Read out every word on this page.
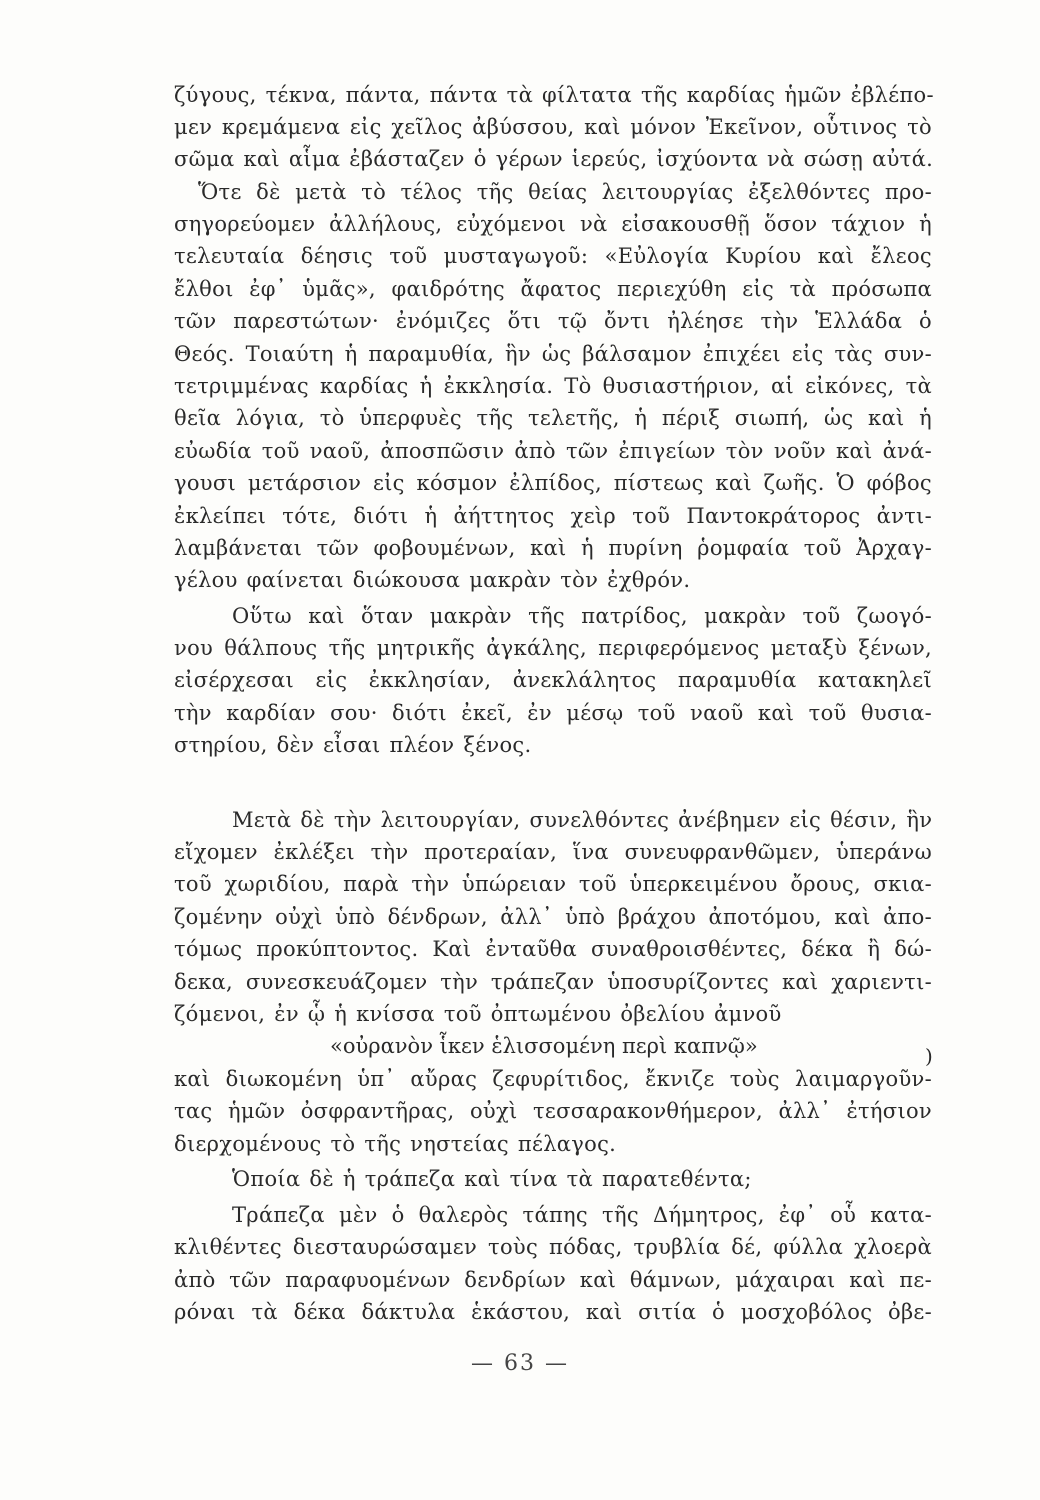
ζύγους, τέκνα, πάντα, πάντα τὰ φίλτατα τῆς καρδίας ἡμῶν ἐβλέπο-
μεν κρεμάμενα εἰς χεῖλος ἀβύσσου, καὶ μόνον Ἐκεῖνον, οὗτινος τὸ
σῶμα καὶ αἷμα ἐβάσταζεν ὁ γέρων ἱερεύς, ἰσχύοντα νὰ σώσῃ αὐτά.
Ὅτε δὲ μετὰ τὸ τέλος τῆς θείας λειτουργίας ἐξελθόντες προ-
σηγορεύομεν ἀλλήλους, εὐχόμενοι νὰ εἰσακουσθῇ ὅσον τάχιον ἡ
τελευταία δέησις τοῦ μυσταγωγοῦ: «Εὐλογία Κυρίου καὶ ἔλεος
ἔλθοι ἐφ᾽ ὑμᾶς», φαιδρότης ἄφατος περιεχύθη εἰς τὰ πρόσωπα
τῶν παρεστώτων· ἐνόμιζες ὅτι τῷ ὄντι ἠλέησε τὴν Ἑλλάδα ὁ
Θεός. Τοιαύτη ἡ παραμυθία, ἣν ὡς βάλσαμον ἐπιχέει εἰς τὰς συν-
τετριμμένας καρδίας ἡ ἐκκλησία. Τὸ θυσιαστήριον, αἱ εἰκόνες, τὰ
θεῖα λόγια, τὸ ὑπερφυὲς τῆς τελετῆς, ἡ πέριξ σιωπή, ὡς καὶ ἡ
εὐωδία τοῦ ναοῦ, ἀποσπῶσιν ἀπὸ τῶν ἐπιγείων τὸν νοῦν καὶ ἀνά-
γουσι μετάρσιον εἰς κόσμον ἐλπίδος, πίστεως καὶ ζωῆς. Ὁ φόβος
ἐκλείπει τότε, διότι ἡ ἀήττητος χεὶρ τοῦ Παντοκράτορος ἀντι-
λαμβάνεται τῶν φοβουμένων, καὶ ἡ πυρίνη ῥομφαία τοῦ Ἀρχαγ-
γέλου φαίνεται διώκουσα μακρὰν τὸν ἐχθρόν.
Οὕτω καὶ ὅταν μακρὰν τῆς πατρίδος, μακρὰν τοῦ ζωογό-
νου θάλπους τῆς μητρικῆς ἀγκάλης, περιφερόμενος μεταξὺ ξένων,
εἰσέρχεσαι εἰς ἐκκλησίαν, ἀνεκλάλητος παραμυθία κατακηλεῖ
τὴν καρδίαν σου· διότι ἐκεῖ, ἐν μέσῳ τοῦ ναοῦ καὶ τοῦ θυσια-
στηρίου, δὲν εἶσαι πλέον ξένος.
Μετὰ δὲ τὴν λειτουργίαν, συνελθόντες ἀνέβημεν εἰς θέσιν, ἣν
εἴχομεν ἐκλέξει τὴν προτεραίαν, ἵνα συνευφρανθῶμεν, ὑπεράνω
τοῦ χωριδίου, παρὰ τὴν ὑπώρειαν τοῦ ὑπερκειμένου ὄρους, σκια-
ζομένην οὐχὶ ὑπὸ δένδρων, ἀλλ᾽ ὑπὸ βράχου ἀποτόμου, καὶ ἀπο-
τόμως προκύπτοντος. Καὶ ἐνταῦθα συναθροισθέντες, δέκα ἢ δώ-
δεκα, συνεσκευάζομεν τὴν τράπεζαν ὑποσυρίζοντες καὶ χαριεντι-
ζόμενοι, ἐν ᾧ ἡ κνίσσα τοῦ ὀπτωμένου ὀβελίου ἀμνοῦ
«οὐρανὸν ἷκεν ἑλισσομένη περὶ καπνῷ»	)
καὶ διωκομένη ὑπ᾽ αὔρας ζεφυρίτιδος, ἔκνιζε τοὺς λαιμαργοῦν-
τας ἡμῶν ὀσφραντῆρας, οὐχὶ τεσσαρακονθήμερον, ἀλλ᾽ ἐτήσιον
διερχομένους τὸ τῆς νηστείας πέλαγος.
Ὁποία δὲ ἡ τράπεζα καὶ τίνα τὰ παρατεθέντα;
Τράπεζα μὲν ὁ θαλερὸς τάπης τῆς Δήμητρος, ἐφ᾽ οὗ κατα-
κλιθέντες διεσταυρώσαμεν τοὺς πόδας, τρυβλία δέ, φύλλα χλοερὰ
ἀπὸ τῶν παραφυομένων δενδρίων καὶ θάμνων, μάχαιραι καὶ πε-
ρόναι τὰ δέκα δάκτυλα ἑκάστου, καὶ σιτία ὁ μοσχοβόλος ὀβε-
— 63 —
